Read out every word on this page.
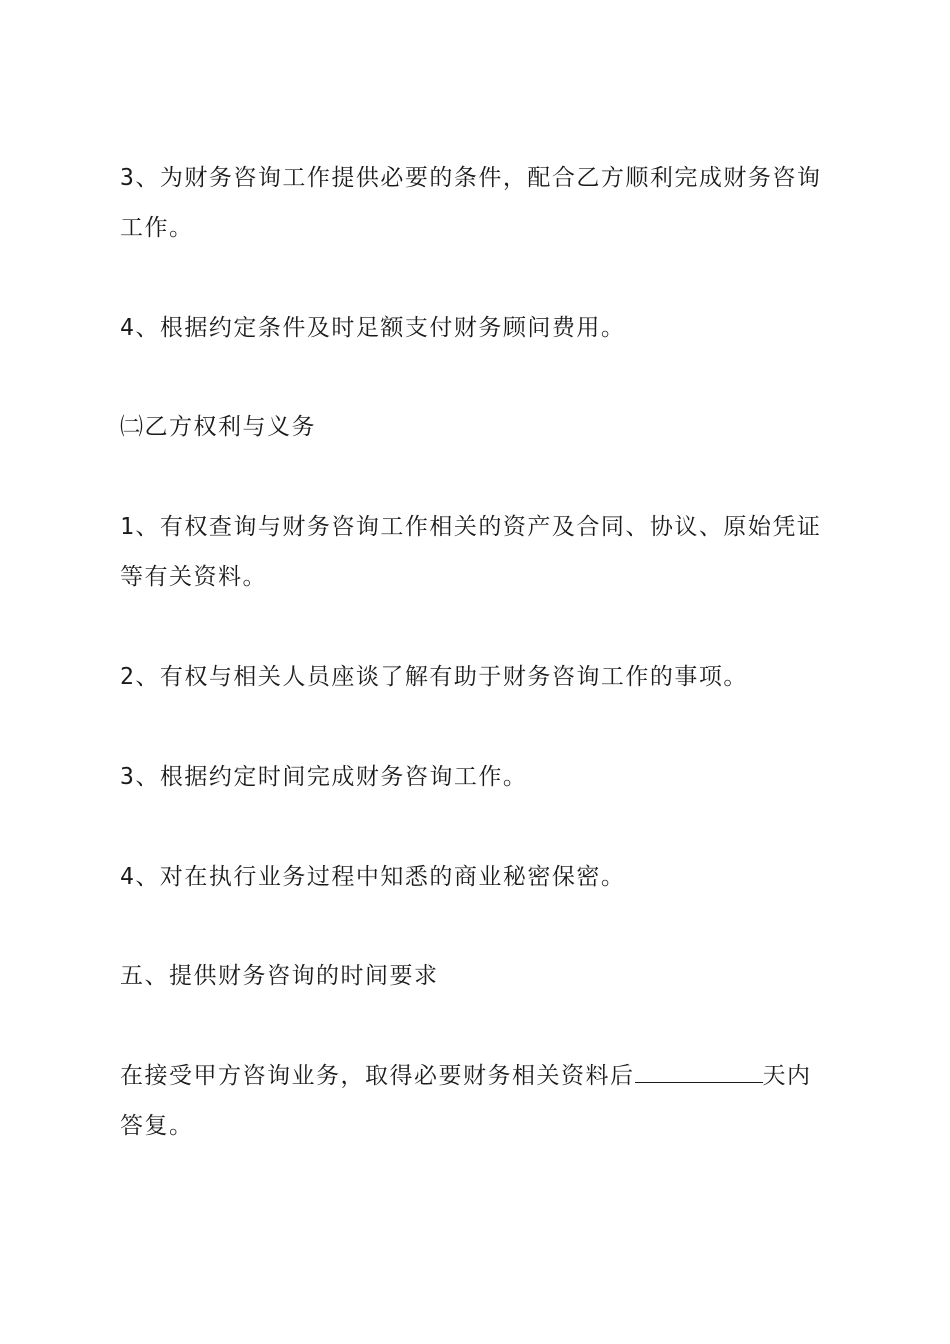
3、为财务咨询工作提供必要的条件，配合乙方顺利完成财务咨询工作。

4、根据约定条件及时足额支付财务顾问费用。

㈡乙方权利与义务

1、有权查询与财务咨询工作相关的资产及合同、协议、原始凭证等有关资料。

2、有权与相关人员座谈了解有助于财务咨询工作的事项。

3、根据约定时间完成财务咨询工作。

4、对在执行业务过程中知悉的商业秘密保密。

五、提供财务咨询的时间要求

在接受甲方咨询业务，取得必要财务相关资料后	天内答复。
